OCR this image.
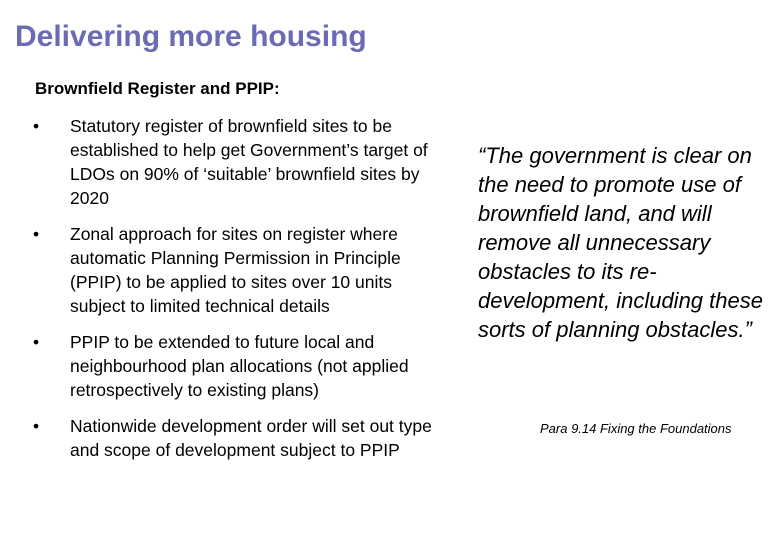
Delivering more housing
Brownfield Register and PPIP:
•	Statutory register of brownfield sites to be established to help get Government’s target of LDOs on 90% of ‘suitable’ brownfield sites by 2020
•	Zonal approach for sites on register where automatic Planning Permission in Principle (PPIP) to be applied to sites over 10 units subject to limited technical details
•	PPIP to be extended to future local and neighbourhood plan allocations (not applied retrospectively to existing plans)
•	Nationwide development order will set out type and scope of development subject to PPIP
“The government is clear on the need to promote use of brownfield land, and will remove all unnecessary obstacles to its re-development, including these sorts of planning obstacles.”
Para 9.14 Fixing the Foundations
